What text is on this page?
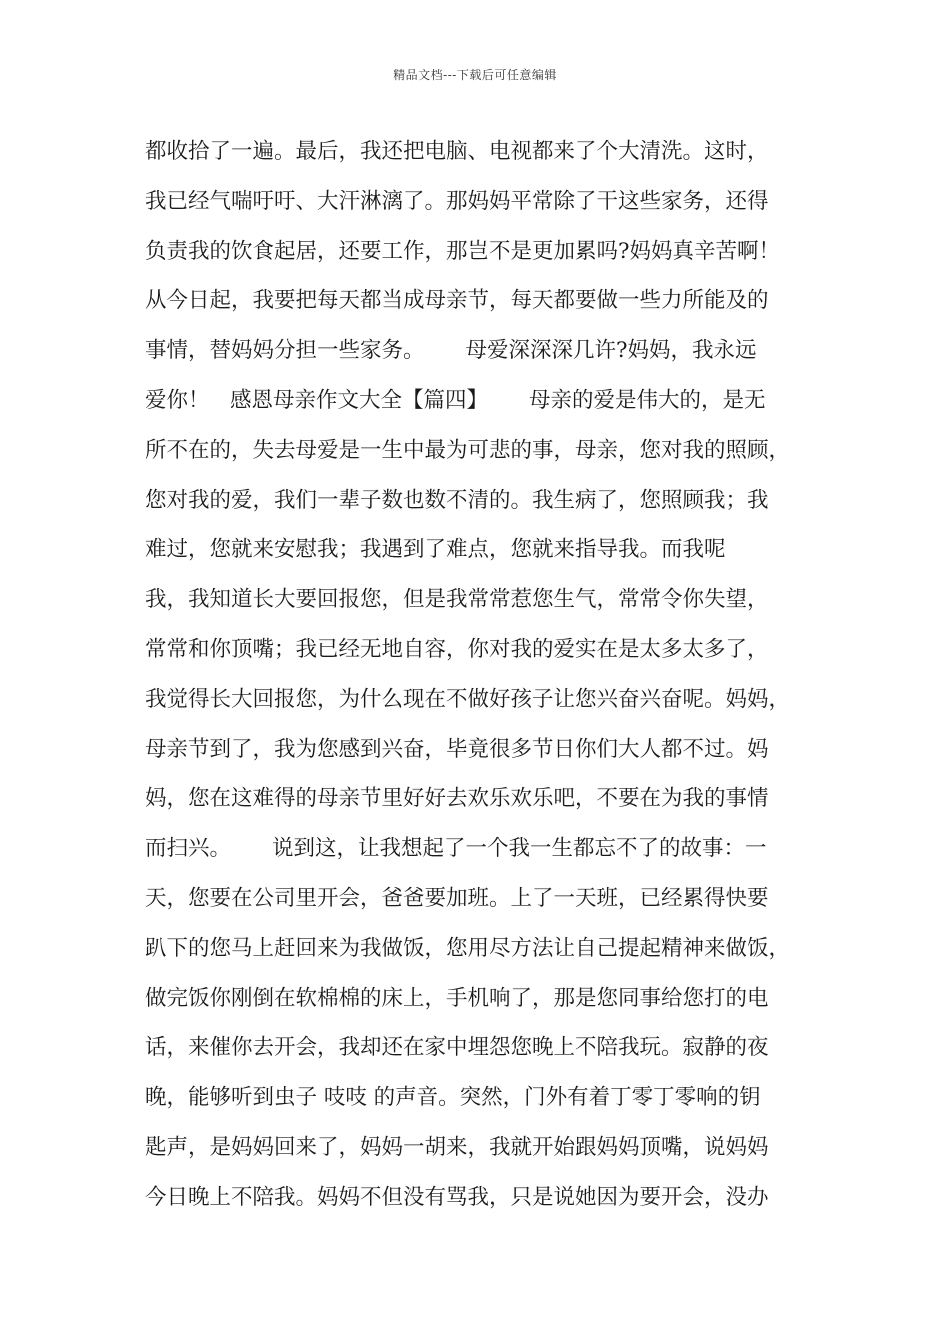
精品文档---下载后可任意编辑
都收拾了一遍。最后，我还把电脑、电视都来了个大清洗。这时，
我已经气喘吁吁、大汗淋漓了。那妈妈平常除了干这些家务，还得
负责我的饮食起居，还要工作，那岂不是更加累吗?妈妈真辛苦啊！
从今日起，我要把每天都当成母亲节，每天都要做一些力所能及的
事情，替妈妈分担一些家务。      母爱深深深几许?妈妈，我永远
爱你！   感恩母亲作文大全【篇四】      母亲的爱是伟大的，是无
所不在的，失去母爱是一生中最为可悲的事，母亲，您对我的照顾，
您对我的爱，我们一辈子数也数不清的。我生病了，您照顾我；我
难过，您就来安慰我；我遇到了难点，您就来指导我。而我呢
我，我知道长大要回报您，但是我常常惹您生气，常常令你失望，
常常和你顶嘴；我已经无地自容，你对我的爱实在是太多太多了，
我觉得长大回报您，为什么现在不做好孩子让您兴奋兴奋呢。妈妈，
母亲节到了，我为您感到兴奋，毕竟很多节日你们大人都不过。妈
妈，您在这难得的母亲节里好好去欢乐欢乐吧，不要在为我的事情
而扫兴。      说到这，让我想起了一个我一生都忘不了的故事：一
天，您要在公司里开会，爸爸要加班。上了一天班，已经累得快要
趴下的您马上赶回来为我做饭，您用尽方法让自己提起精神来做饭，
做完饭你刚倒在软棉棉的床上，手机响了，那是您同事给您打的电
话，来催你去开会，我却还在家中埋怨您晚上不陪我玩。寂静的夜
晚，能够听到虫子 吱吱 的声音。突然，门外有着丁零丁零响的钥
匙声，是妈妈回来了，妈妈一胡来，我就开始跟妈妈顶嘴，说妈妈
今日晚上不陪我。妈妈不但没有骂我，只是说她因为要开会，没办
